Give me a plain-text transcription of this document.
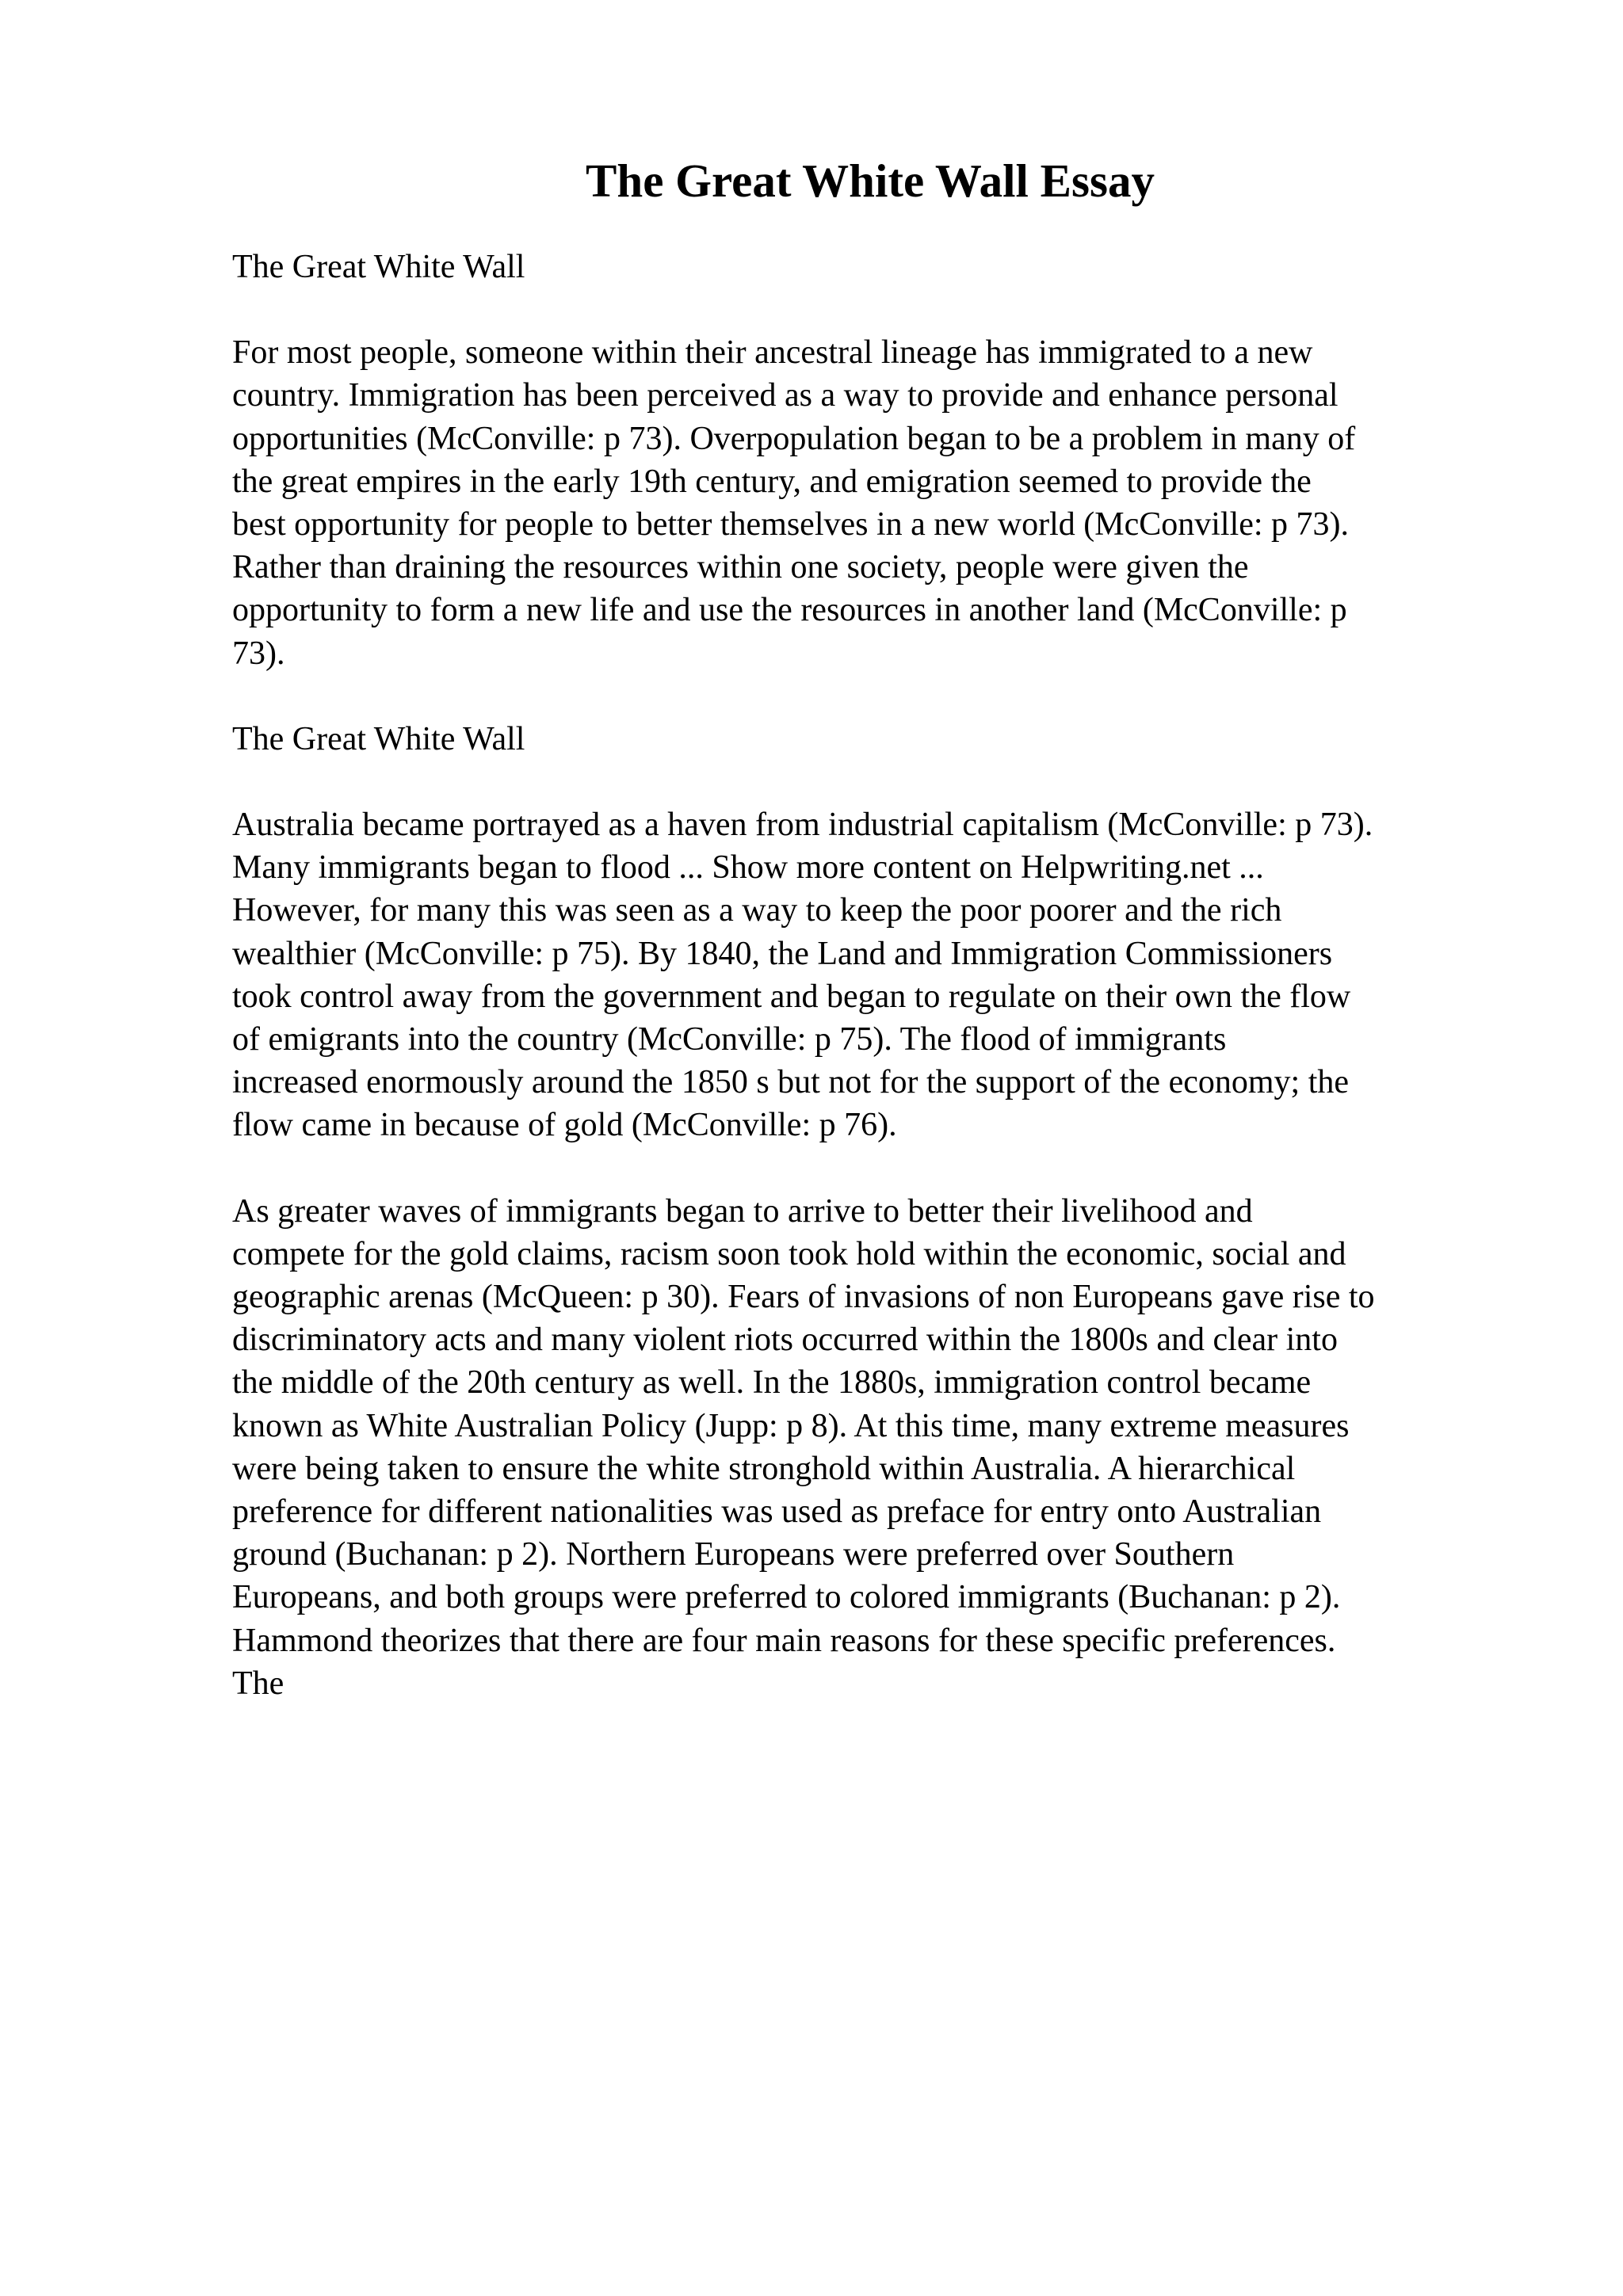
The Great White Wall Essay

The Great White Wall

For most people, someone within their ancestral lineage has immigrated to a new
country. Immigration has been perceived as a way to provide and enhance personal
opportunities (McConville: p 73). Overpopulation began to be a problem in many of
the great empires in the early 19th century, and emigration seemed to provide the
best opportunity for people to better themselves in a new world (McConville: p 73).
Rather than draining the resources within one society, people were given the
opportunity to form a new life and use the resources in another land (McConville: p
73).

The Great White Wall

Australia became portrayed as a haven from industrial capitalism (McConville: p 73).
Many immigrants began to flood ... Show more content on Helpwriting.net ...
However, for many this was seen as a way to keep the poor poorer and the rich
wealthier (McConville: p 75). By 1840, the Land and Immigration Commissioners
took control away from the government and began to regulate on their own the flow
of emigrants into the country (McConville: p 75). The flood of immigrants
increased enormously around the 1850 s but not for the support of the economy; the
flow came in because of gold (McConville: p 76).

As greater waves of immigrants began to arrive to better their livelihood and
compete for the gold claims, racism soon took hold within the economic, social and
geographic arenas (McQueen: p 30). Fears of invasions of non Europeans gave rise to
discriminatory acts and many violent riots occurred within the 1800s and clear into
the middle of the 20th century as well. In the 1880s, immigration control became
known as White Australian Policy (Jupp: p 8). At this time, many extreme measures
were being taken to ensure the white stronghold within Australia. A hierarchical
preference for different nationalities was used as preface for entry onto Australian
ground (Buchanan: p 2). Northern Europeans were preferred over Southern
Europeans, and both groups were preferred to colored immigrants (Buchanan: p 2).
Hammond theorizes that there are four main reasons for these specific preferences.
The
